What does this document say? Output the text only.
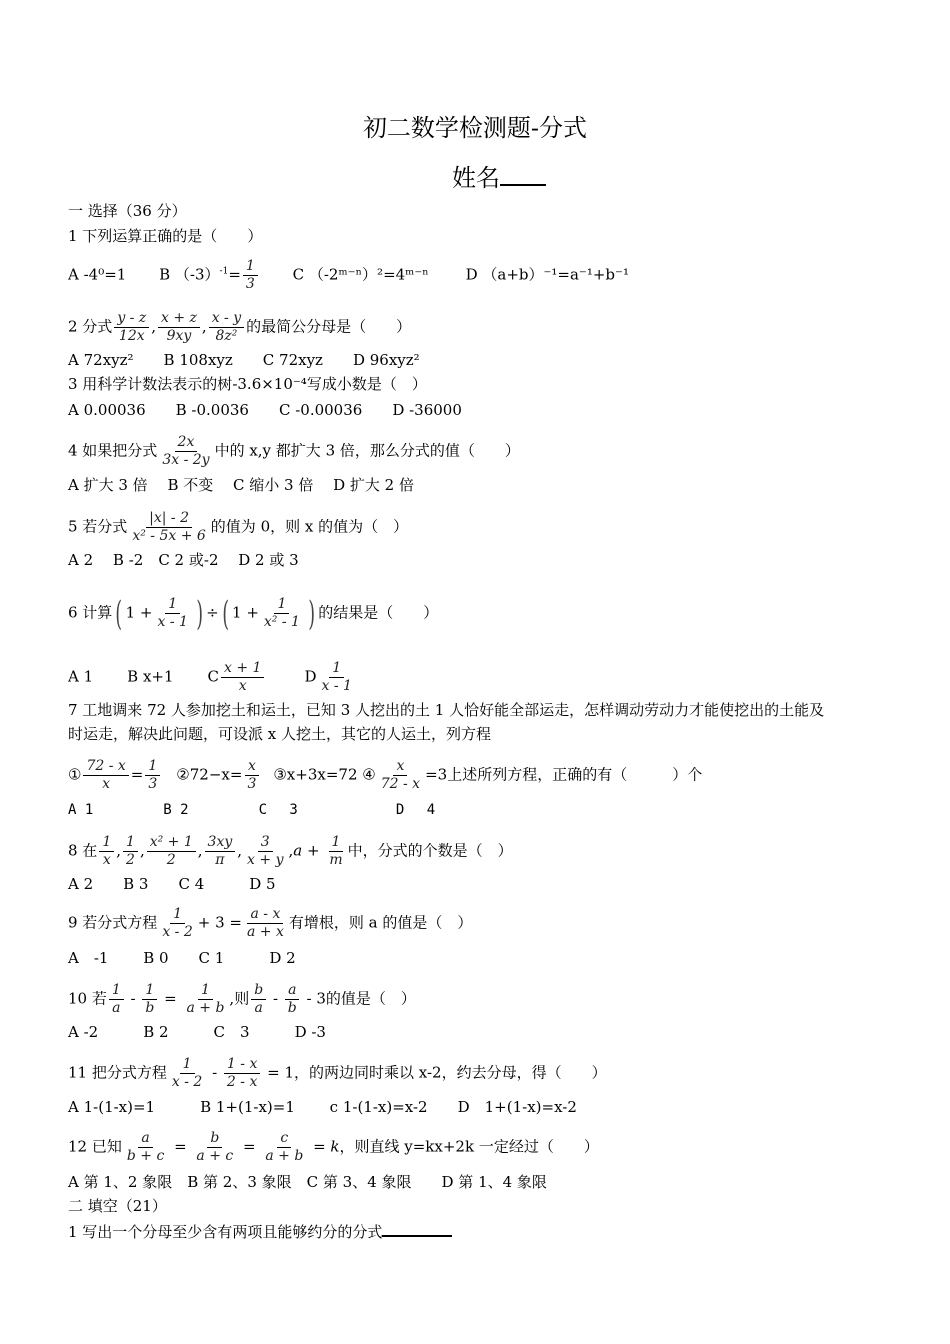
初二数学检测题-分式
姓名
一 选择（36 分）
1 下列运算正确的是（　　）
A -4⁰=1 B $(-3)^{-1}= \frac{1}{3}$ C （-2ᵐ⁻ⁿ）²=4ᵐ⁻ⁿ D （a+b）⁻¹=a⁻¹+b⁻¹
2 分式 $\frac{y - z}{12x}$ , $\frac{x + z}{9xy}$ , $\frac{x - y}{\text{8z²}}$ 的最简公分母是（　　）
A 72xyz²　　B 108xyz　　C 72xyz　　D 96xyz²
3 用科学计数法表示的树-3.6×10⁻⁴写成小数是（　）
A 0.00036　　B -0.0036　　C -0.00036　　D -36000
4 如果把分式 $\frac{2x}{3x - 2y}$ 中的 x,y 都扩大 3 倍，那么分式的值（　　）
A 扩大 3 倍　 B 不变　 C 缩小 3 倍　 D 扩大 2 倍
5 若分式 $\frac{|x| - 2}{\text{x² - 5x + 6}}$ 的值为 0，则 x 的值为（　）
A 2　 B -2　C 2 或-2　 D 2 或 3
6 计算( $1 + \frac{1}{x - 1}$ ) ÷( $1 + \frac{1}{\text{x² - 1}}$ ) 的结果是（　　）
A 1 B x+1 C $\frac{x + 1}{x}$	D $\frac{1}{x - 1}$
7 工地调来 72 人参加挖土和运土，已知 3 人挖出的土 1 人恰好能全部运走，怎样调动劳动力才能使挖出的土能及
时运走，解决此问题，可设派 x 人挖土，其它的人运土，列方程
① $\frac{72 - x}{x} = \frac{1}{3}$ ②72−x= $\frac{x}{3}$ ③x+3x=72 ④ $\frac{x}{72 - x} =3$上述所列方程，正确的有（　　　）个
A 1　　　　　B 2　　　　　C　 3　　　　　　　D　 4
8 在 $\frac{1}{x}$ , $\frac{1}{2}$ , $\frac{\text{x² + 1}}{2}$ , $\frac{3xy}{\pi}$ , $\frac{3}{x + y} ,a + \frac{1}{m}$ 中，分式的个数是（　）
A 2　　B 3　　C 4　　　D 5
9 若分式方程 $\frac{1}{x - 2} + 3 = \frac{a - x}{a + x}$ 有增根，则 a 的值是（　）
A　-1　　 B 0　　C 1　　　D 2
10 若 $\frac{1}{a} - \frac{1}{b} = \frac{1}{a + b}$ ,则 $\frac{b}{a} - \frac{a}{b} - 3$的值是（　）
A -2　　　B 2　　　C　3　　　D -3
11 把分式方程 $\frac{1}{x - 2} - \frac{1 - x}{2 - x} = 1$，的两边同时乘以 x-2，约去分母，得（　　）
A 1-(1-x)=1　　　B 1+(1-x)=1　　 c 1-(1-x)=x-2　　D　1+(1-x)=x-2
12 已知 $\frac{a}{b + c} = \frac{b}{a + c} = \frac{c}{a + b} = k$，则直线 y=kx+2k 一定经过（　　）
A 第 1、2 象限　B 第 2、3 象限　C 第 3、4 象限　　D 第 1、4 象限
二 填空（21）
1 写出一个分母至少含有两项且能够约分的分式
